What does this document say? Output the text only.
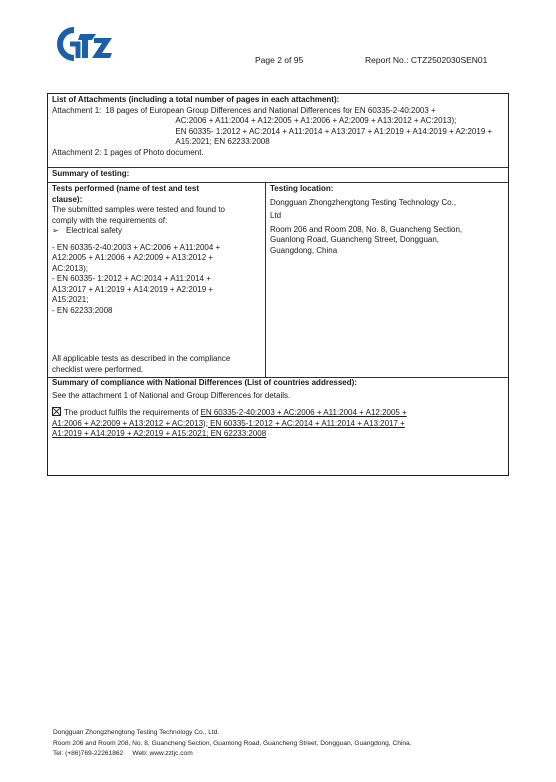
Page 2 of 95	Report No.: CTZ2502030SEN01

List of Attachments (including a total number of pages in each attachment):

Attachment 1: 18 pages of European Group Differences and National Differences for EN 60335-2-40:2003 +
AC:2006 + A11:2004 + A12:2005 + A1:2006 + A2:2009 + A13:2012 + AC:2013);
EN 60335- 1:2012 + AC:2014 + A11:2014 + A13:2017 + A1:2019 + A14:2019 + A2:2019 +
A15:2021; EN 62233:2008

Attachment 2: 1 pages of Photo document.

Summary of testing:

Tests performed (name of test and test

clause):

The submitted samples were tested and found to

comply with the requirements of:

➢ Electrical safety

- EN 60335-2-40:2003 + AC:2006 + A11:2004 +

A12:2005 + A1:2006 + A2:2009 + A13:2012 +

AC:2013);

- EN 60335- 1:2012 + AC:2014 + A11:2014 +

A13:2017 + A1:2019 + A14:2019 + A2:2019 +

A15:2021;

- EN 62233:2008

All applicable tests as described in the compliance

checklist were performed.

Testing location:

Dongguan Zhongzhengtong Testing Technology Co.,

Ltd

Room 206 and Room 208, No. 8, Guancheng Section,

Guanlong Road, Guancheng Street, Dongguan,

Guangdong, China

Summary of compliance with National Differences (List of countries addressed):

See the attachment 1 of National and Group Differences for details.

The product fulfils the requirements of EN 60335-2-40:2003 + AC:2006 + A11:2004 + A12:2005 +

A1:2006 + A2:2009 + A13:2012 + AC:2013); EN 60335-1:2012 + AC:2014 + A11:2014 + A13:2017 +

A1:2019 + A14:2019 + A2:2019 + A15:2021; EN 62233:2008

Dongguan Zhongzhengtong Testing Technology Co., Ltd.
Room 206 and Room 208, No. 8, Guancheng Section, Guanlong Road, Guancheng Street, Dongguan, Guangdong, China.
Tel: (+86)769-22261862     Web: www.zztjc.com
